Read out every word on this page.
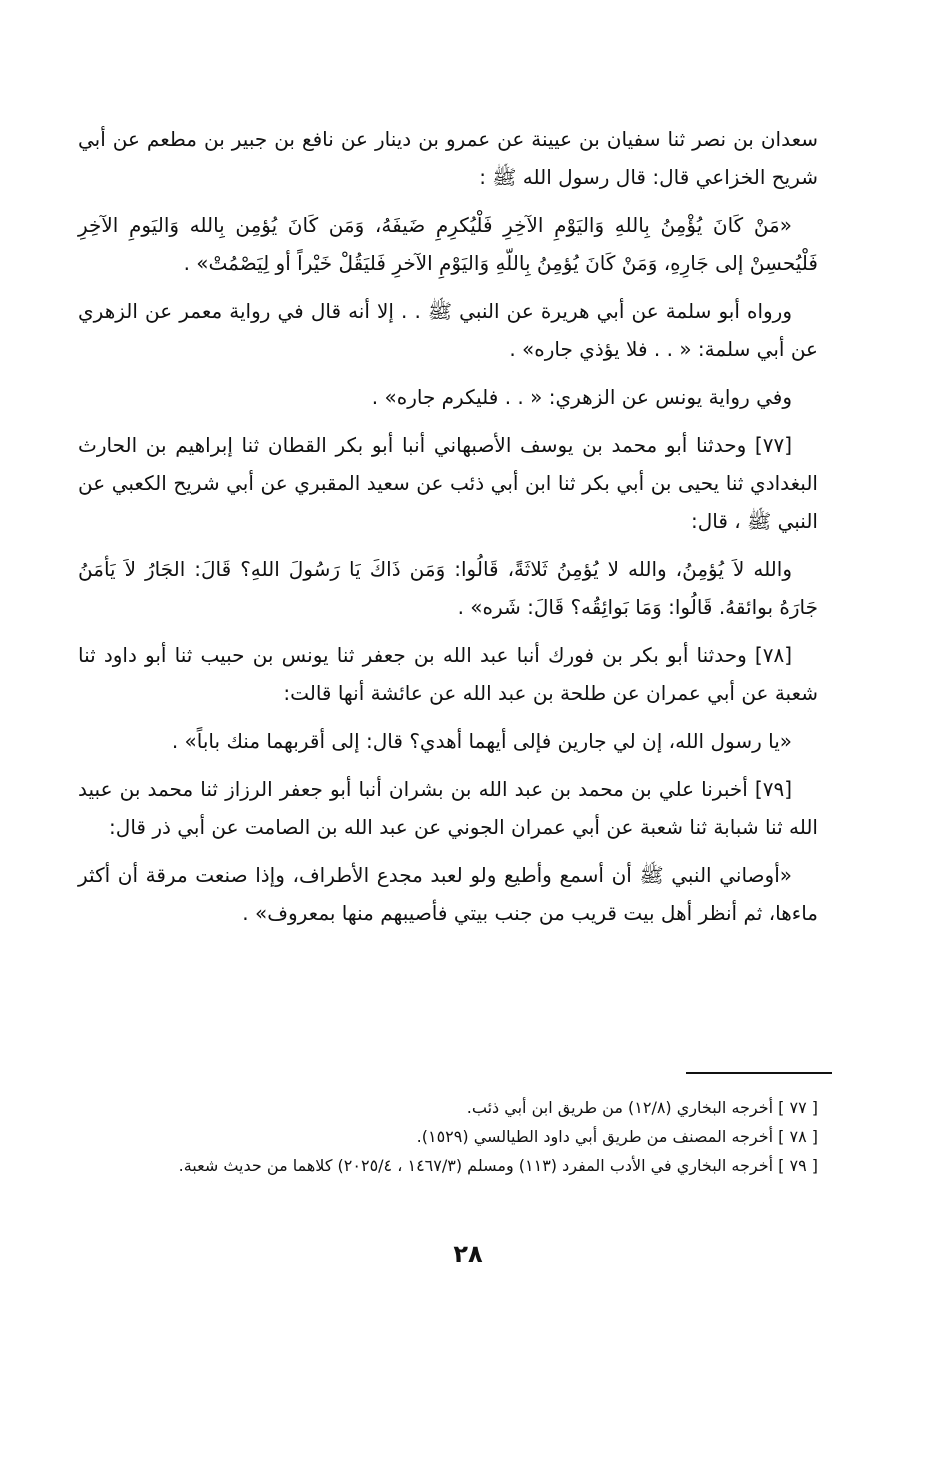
سعدان بن نصر ثنا سفيان بن عيينة عن عمرو بن دينار عن نافع بن جبير بن مطعم عن أبي شريح الخزاعي قال: قال رسول الله ﷺ :

«مَنْ كَانَ يُؤْمِنُ بِاللهِ وَاليَوْمِ الآخِرِ فَلْيُكرِمِ ضَيفَهُ، وَمَن كَانَ يُؤمِن بِالله وَاليَومِ الآخِرِ فَلْيُحسِنْ إلى جَارِهِ، وَمَنْ كَانَ يُؤمِنُ بِاللّهِ وَاليَوْمِ الآخرِ فَليَقُلْ خَيْراً أو لِيَصْمُتْ» .

ورواه أبو سلمة عن أبي هريرة عن النبي ﷺ . . إلا أنه قال في رواية معمر عن الزهري عن أبي سلمة: « . . فلا يؤذي جاره» .

وفي رواية يونس عن الزهري: « . . فليكرم جاره» .

[٧٧] وحدثنا أبو محمد بن يوسف الأصبهاني أنبا أبو بكر القطان ثنا إبراهيم بن الحارث البغدادي ثنا يحيى بن أبي بكر ثنا ابن أبي ذئب عن سعيد المقبري عن أبي شريح الكعبي عن النبي ﷺ ، قال:

والله لاَ يُؤمِنُ، والله لا يُؤمِنُ ثَلاثَةً، قَالُوا: وَمَن ذَاكَ يَا رَسُولَ اللهِ؟ قَالَ: الجَارُ لاَ يَأمَنُ جَارَهُ بوائقهُ. قَالُوا: وَمَا بَوائِقُه؟ قَالَ: شَره» .

[٧٨] وحدثنا أبو بكر بن فورك أنبا عبد الله بن جعفر ثنا يونس بن حبيب ثنا أبو داود ثنا شعبة عن أبي عمران عن طلحة بن عبد الله عن عائشة أنها قالت:

«يا رسول الله، إن لي جارين فإلى أيهما أهدي؟ قال: إلى أقربهما منك باباً» .

[٧٩] أخبرنا علي بن محمد بن عبد الله بن بشران أنبا أبو جعفر الرزاز ثنا محمد بن عبيد الله ثنا شبابة ثنا شعبة عن أبي عمران الجوني عن عبد الله بن الصامت عن أبي ذر قال:

«أوصاني النبي ﷺ أن أسمع وأطيع ولو لعبد مجدع الأطراف، وإذا صنعت مرقة أن أكثر ماءها، ثم أنظر أهل بيت قريب من جنب بيتي فأصيبهم منها بمعروف» .

[ ٧٧ ] أخرجه البخاري (١٢/٨) من طريق ابن أبي ذئب.

[ ٧٨ ] أخرجه المصنف من طريق أبي داود الطيالسي (١٥٢٩).

[ ٧٩ ] أخرجه البخاري في الأدب المفرد (١١٣) ومسلم (١٤٦٧/٣ ، ٢٠٢٥/٤) كلاهما من حديث شعبة.

٢٨
